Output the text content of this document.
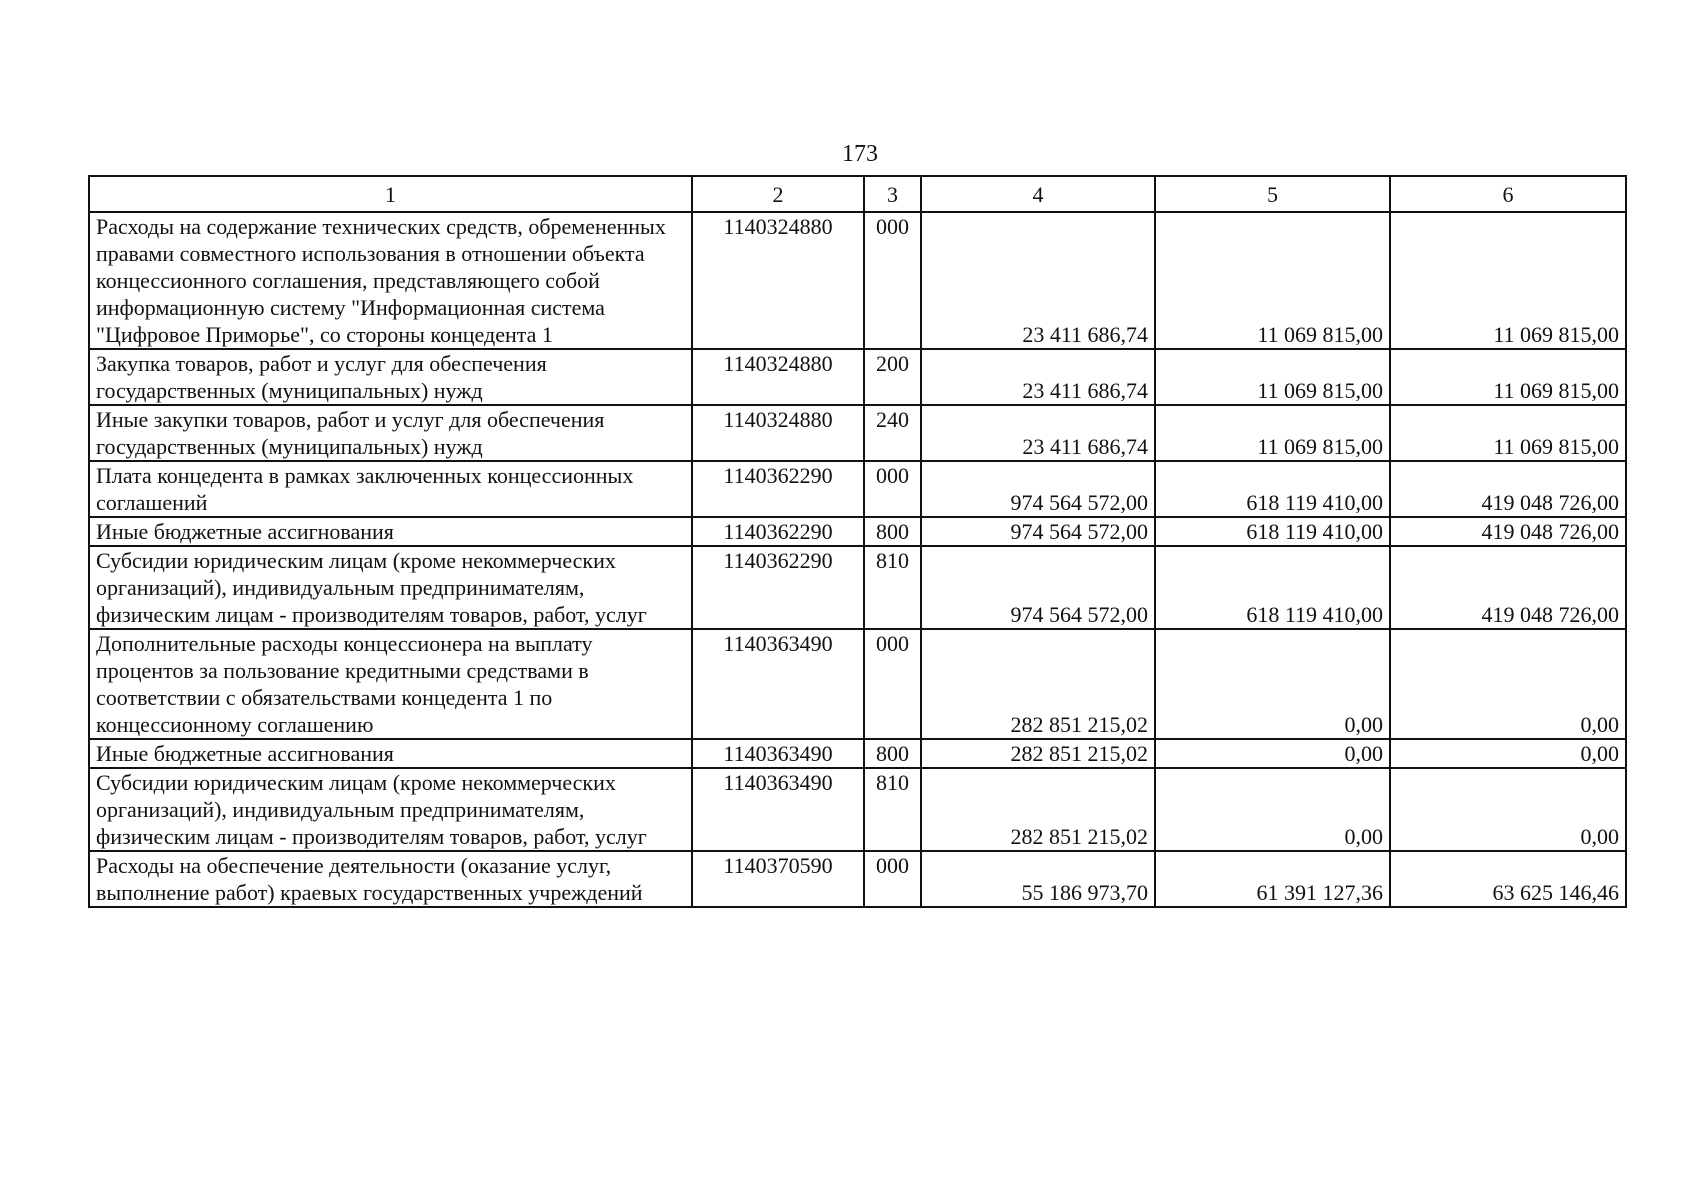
173
1	2	3	4	5	6
Расходы на содержание технических средств, обремененных правами совместного использования в отношении объекта концессионного соглашения, представляющего собой информационную систему "Информационная система "Цифровое Приморье", со стороны концедента 1	1140324880	000	23 411 686,74	11 069 815,00	11 069 815,00
Закупка товаров, работ и услуг для обеспечения государственных (муниципальных) нужд	1140324880	200	23 411 686,74	11 069 815,00	11 069 815,00
Иные закупки товаров, работ и услуг для обеспечения государственных (муниципальных) нужд	1140324880	240	23 411 686,74	11 069 815,00	11 069 815,00
Плата концедента в рамках заключенных концессионных соглашений	1140362290	000	974 564 572,00	618 119 410,00	419 048 726,00
Иные бюджетные ассигнования	1140362290	800	974 564 572,00	618 119 410,00	419 048 726,00
Субсидии юридическим лицам (кроме некоммерческих организаций), индивидуальным предпринимателям, физическим лицам - производителям товаров, работ, услуг	1140362290	810	974 564 572,00	618 119 410,00	419 048 726,00
Дополнительные расходы концессионера на выплату процентов за пользование кредитными средствами в соответствии с обязательствами концедента 1 по концессионному соглашению	1140363490	000	282 851 215,02	0,00	0,00
Иные бюджетные ассигнования	1140363490	800	282 851 215,02	0,00	0,00
Субсидии юридическим лицам (кроме некоммерческих организаций), индивидуальным предпринимателям, физическим лицам - производителям товаров, работ, услуг	1140363490	810	282 851 215,02	0,00	0,00
Расходы на обеспечение деятельности (оказание услуг, выполнение работ) краевых государственных учреждений	1140370590	000	55 186 973,70	61 391 127,36	63 625 146,46
